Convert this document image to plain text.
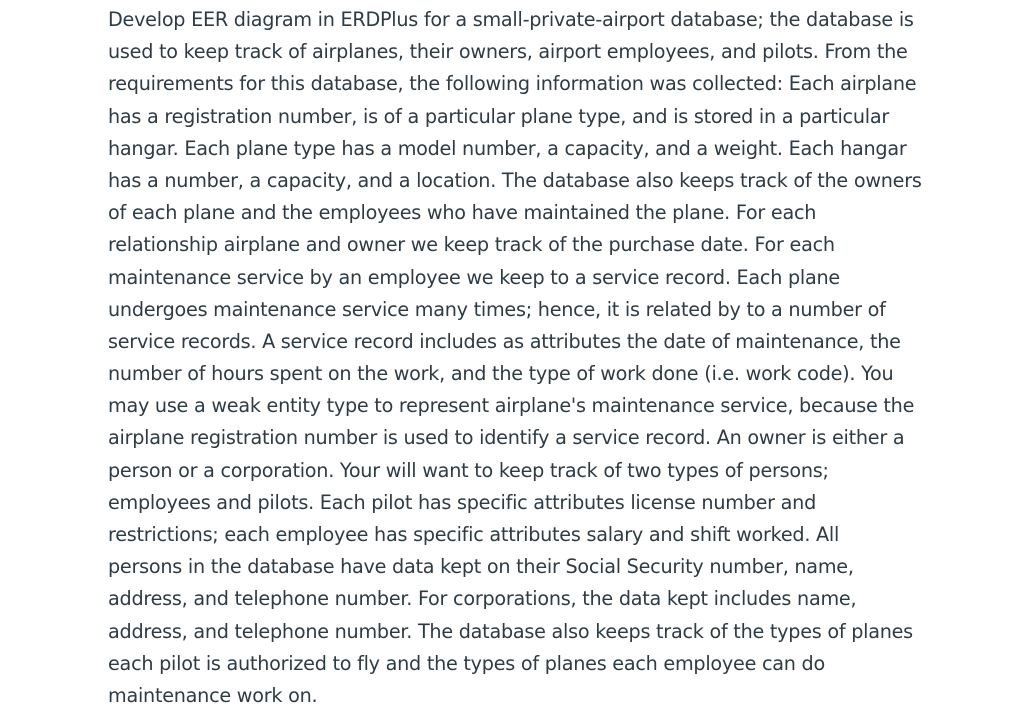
Develop EER diagram in ERDPlus for a small-private-airport database; the database is
used to keep track of airplanes, their owners, airport employees, and pilots. From the
requirements for this database, the following information was collected: Each airplane
has a registration number, is of a particular plane type, and is stored in a particular
hangar. Each plane type has a model number, a capacity, and a weight. Each hangar
has a number, a capacity, and a location. The database also keeps track of the owners
of each plane and the employees who have maintained the plane. For each
relationship airplane and owner we keep track of the purchase date. For each
maintenance service by an employee we keep to a service record. Each plane
undergoes maintenance service many times; hence, it is related by to a number of
service records. A service record includes as attributes the date of maintenance, the
number of hours spent on the work, and the type of work done (i.e. work code). You
may use a weak entity type to represent airplane's maintenance service, because the
airplane registration number is used to identify a service record. An owner is either a
person or a corporation. Your will want to keep track of two types of persons;
employees and pilots. Each pilot has specific attributes license number and
restrictions; each employee has specific attributes salary and shift worked. All
persons in the database have data kept on their Social Security number, name,
address, and telephone number. For corporations, the data kept includes name,
address, and telephone number. The database also keeps track of the types of planes
each pilot is authorized to fly and the types of planes each employee can do
maintenance work on.
